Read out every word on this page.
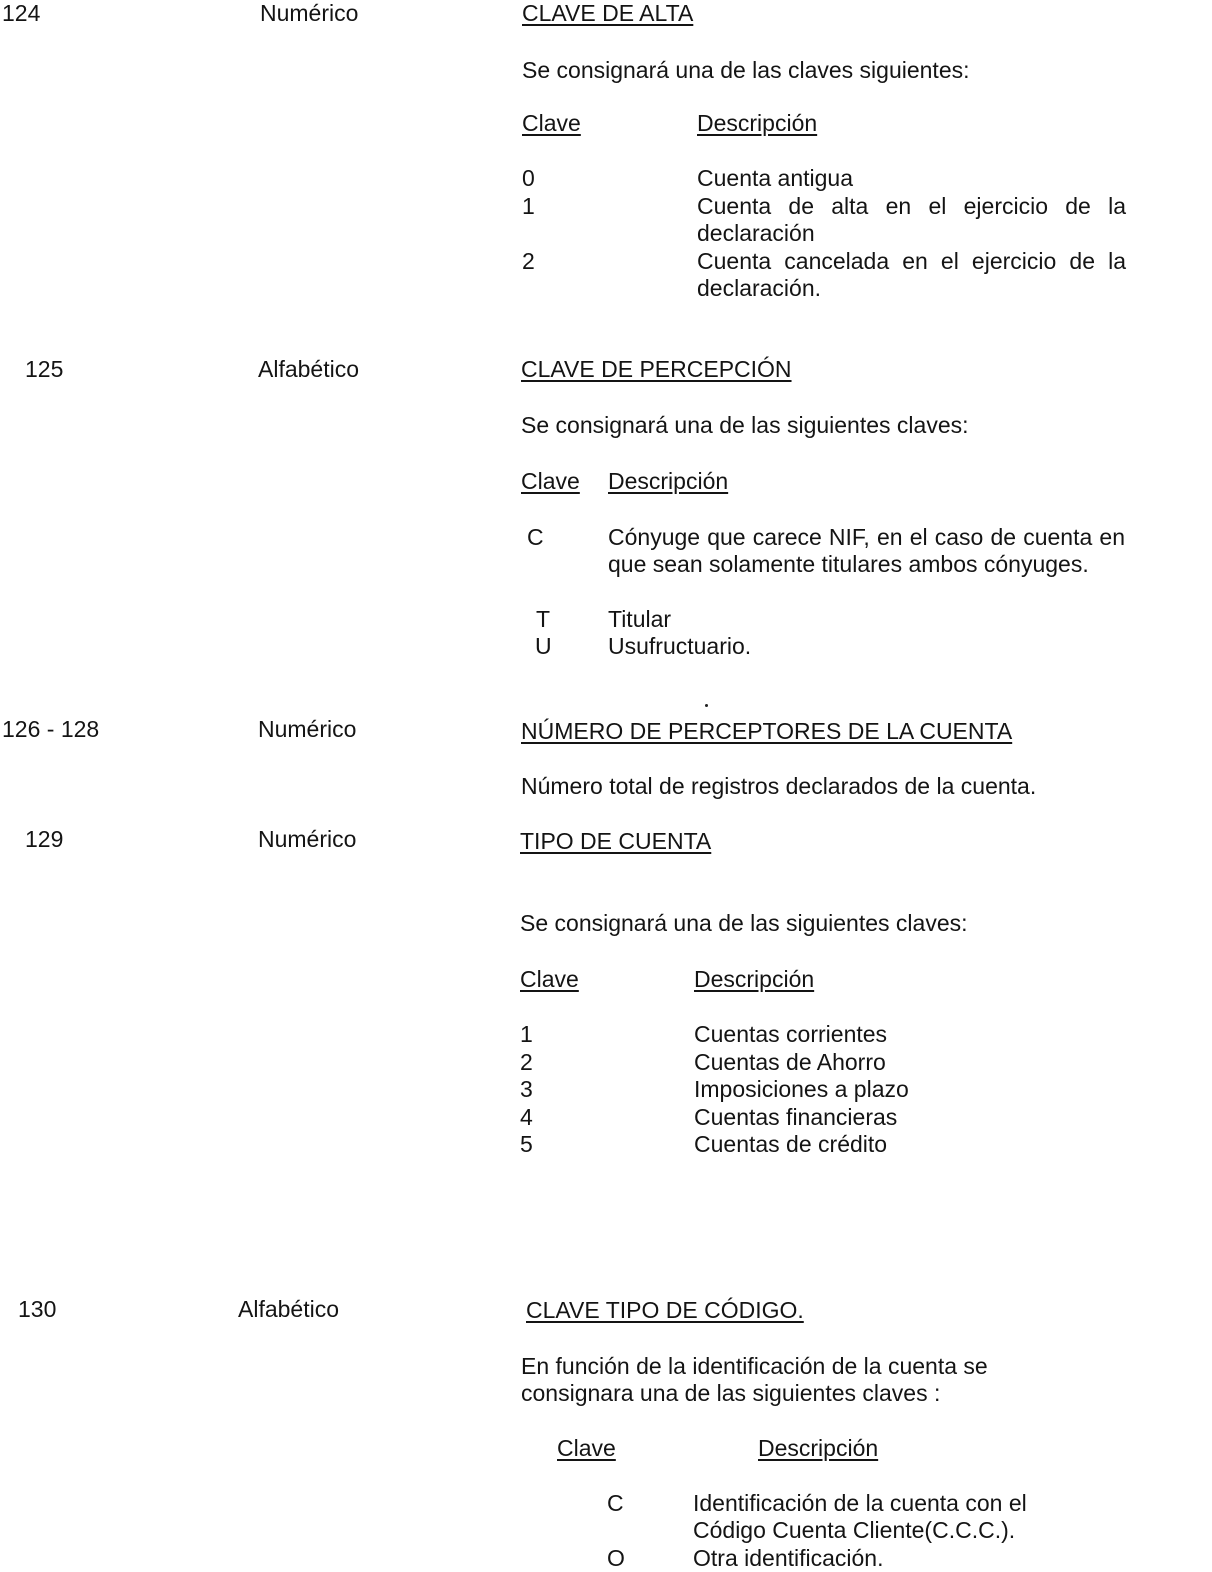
124	Numérico	CLAVE DE ALTA
Se consignará una de las claves siguientes:
Clave	Descripción
0	Cuenta antigua
1	Cuenta de alta en el ejercicio de la declaración
2	Cuenta cancelada en el ejercicio de la declaración.
125	Alfabético	CLAVE DE PERCEPCIÓN
Se consignará una de las siguientes claves:
Clave Descripción
C	Cónyuge que carece NIF, en el caso de cuenta en que sean solamente titulares ambos cónyuges.
T	Titular
U Usufructuario.
126 - 128	Numérico	NÚMERO DE PERCEPTORES DE LA CUENTA
Número total de registros declarados de la cuenta.
129	Numérico	TIPO DE CUENTA
Se consignará una de las siguientes claves:
Clave	Descripción
1	Cuentas corrientes
2	Cuentas de Ahorro
3	Imposiciones a plazo
4	Cuentas financieras
5	Cuentas de crédito
130	Alfabético	CLAVE TIPO DE CÓDIGO.
En función de la identificación de la cuenta se consignara una de las siguientes claves :
Clave	Descripción
C	Identificación de la cuenta con el Código Cuenta Cliente(C.C.C.).
O	Otra identificación.
